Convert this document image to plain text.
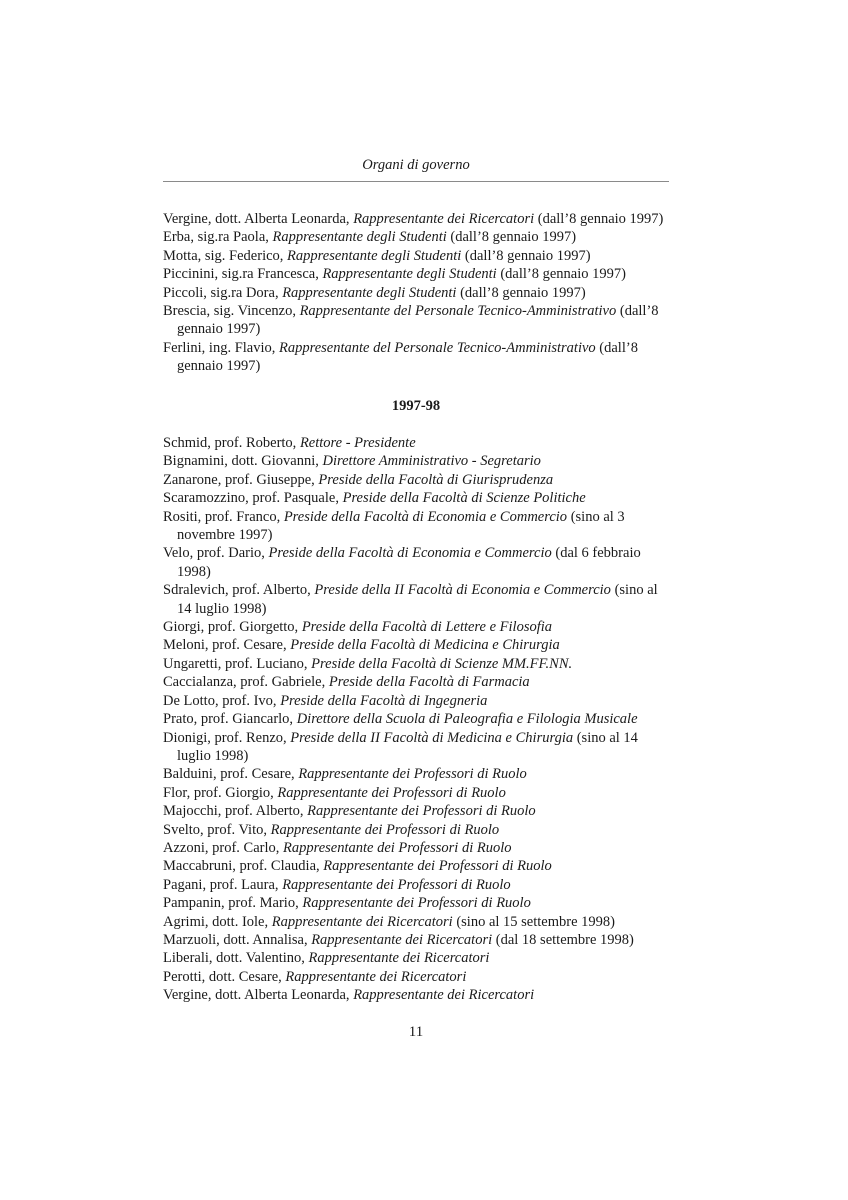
Organi di governo
Vergine, dott. Alberta Leonarda, Rappresentante dei Ricercatori (dall’8 gennaio 1997)
Erba, sig.ra Paola, Rappresentante degli Studenti (dall’8 gennaio 1997)
Motta, sig. Federico, Rappresentante degli Studenti (dall’8 gennaio 1997)
Piccinini, sig.ra Francesca, Rappresentante degli Studenti (dall’8 gennaio 1997)
Piccoli, sig.ra Dora, Rappresentante degli Studenti (dall’8 gennaio 1997)
Brescia, sig. Vincenzo, Rappresentante del Personale Tecnico-Amministrativo (dall’8 gennaio 1997)
Ferlini, ing. Flavio, Rappresentante del Personale Tecnico-Amministrativo (dall’8 gennaio 1997)
1997-98
Schmid, prof. Roberto, Rettore - Presidente
Bignamini, dott. Giovanni, Direttore Amministrativo - Segretario
Zanarone, prof. Giuseppe, Preside della Facoltà di Giurisprudenza
Scaramozzino, prof. Pasquale, Preside della Facoltà di Scienze Politiche
Rositi, prof. Franco, Preside della Facoltà di Economia e Commercio (sino al 3 novembre 1997)
Velo, prof. Dario, Preside della Facoltà di Economia e Commercio (dal 6 febbraio 1998)
Sdralevich, prof. Alberto, Preside della II Facoltà di Economia e Commercio (sino al 14 luglio 1998)
Giorgi, prof. Giorgetto, Preside della Facoltà di Lettere e Filosofia
Meloni, prof. Cesare, Preside della Facoltà di Medicina e Chirurgia
Ungaretti, prof. Luciano, Preside della Facoltà di Scienze MM.FF.NN.
Caccialanza, prof. Gabriele, Preside della Facoltà di Farmacia
De Lotto, prof. Ivo, Preside della Facoltà di Ingegneria
Prato, prof. Giancarlo, Direttore della Scuola di Paleografia e Filologia Musicale
Dionigi, prof. Renzo, Preside della II Facoltà di Medicina e Chirurgia (sino al 14 luglio 1998)
Balduini, prof. Cesare, Rappresentante dei Professori di Ruolo
Flor, prof. Giorgio, Rappresentante dei Professori di Ruolo
Majocchi, prof. Alberto, Rappresentante dei Professori di Ruolo
Svelto, prof. Vito, Rappresentante dei Professori di Ruolo
Azzoni, prof. Carlo, Rappresentante dei Professori di Ruolo
Maccabruni, prof. Claudia, Rappresentante dei Professori di Ruolo
Pagani, prof. Laura, Rappresentante dei Professori di Ruolo
Pampanin, prof. Mario, Rappresentante dei Professori di Ruolo
Agrimi, dott. Iole, Rappresentante dei Ricercatori (sino al 15 settembre 1998)
Marzuoli, dott. Annalisa, Rappresentante dei Ricercatori (dal 18 settembre 1998)
Liberali, dott. Valentino, Rappresentante dei Ricercatori
Perotti, dott. Cesare, Rappresentante dei Ricercatori
Vergine, dott. Alberta Leonarda, Rappresentante dei Ricercatori
11
